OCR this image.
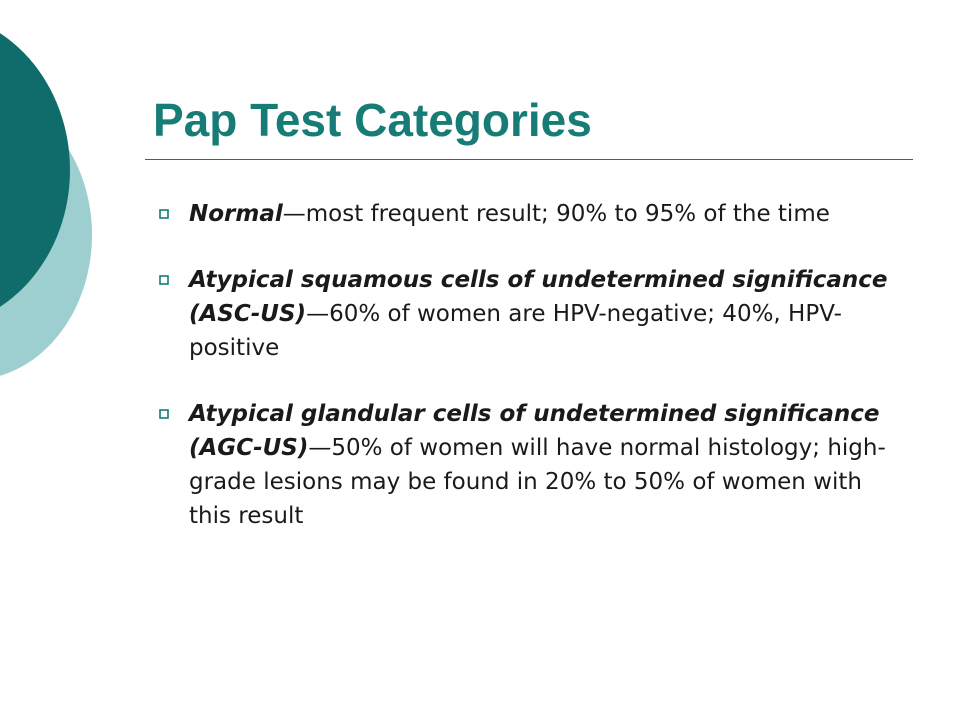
Pap Test Categories
Normal—most frequent result; 90% to 95% of the time
Atypical squamous cells of undetermined significance (ASC-US)—60% of women are HPV-negative; 40%, HPV-positive
Atypical glandular cells of undetermined significance (AGC-US)—50% of women will have normal histology; high-grade lesions may be found in 20% to 50% of women with this result
